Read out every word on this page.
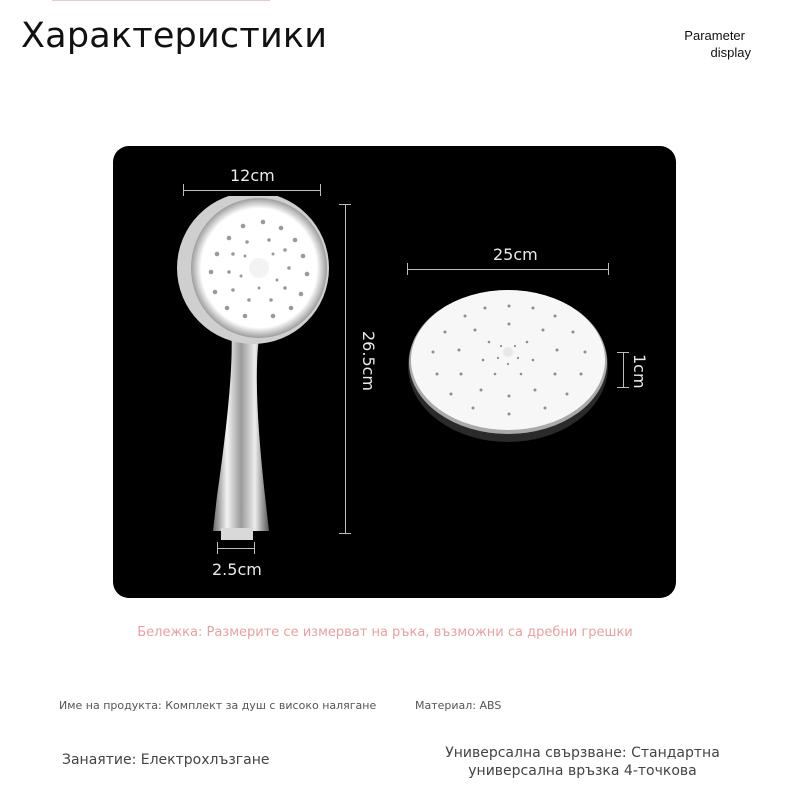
Характеристики	Parameter
display
12cm
26.5cm
2.5cm
25cm
1cm
Бележка: Размерите се измерват на ръка, възможни са дребни грешки
Име на продукта: Комплект за душ с високо налягане	Материал: ABS
Занаятие: Електрохлъзгане	Универсална свързване: Стандартна
универсална връзка 4-точкова
